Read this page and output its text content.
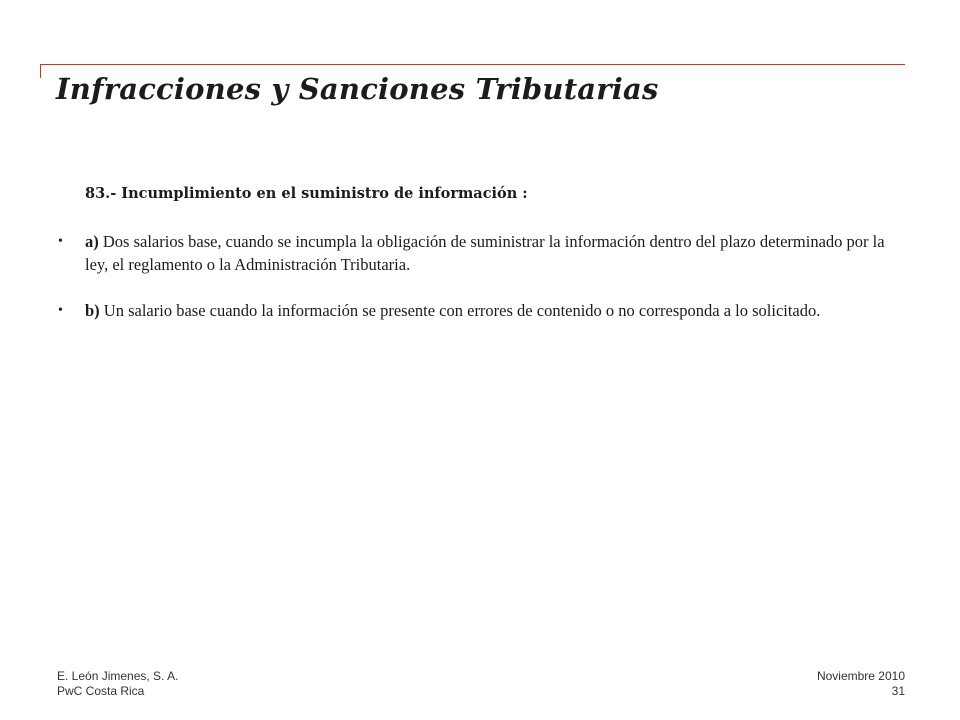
Infracciones y Sanciones Tributarias

83.- Incumplimiento en el suministro de información :

• a) Dos salarios base, cuando se incumpla la obligación de suministrar la información dentro del plazo determinado por la ley, el reglamento o la Administración Tributaria.
• b) Un salario base cuando la información se presente con errores de contenido o no corresponda a lo solicitado.
E. León Jimenes, S. A.
PwC Costa Rica
Noviembre 2010
31
